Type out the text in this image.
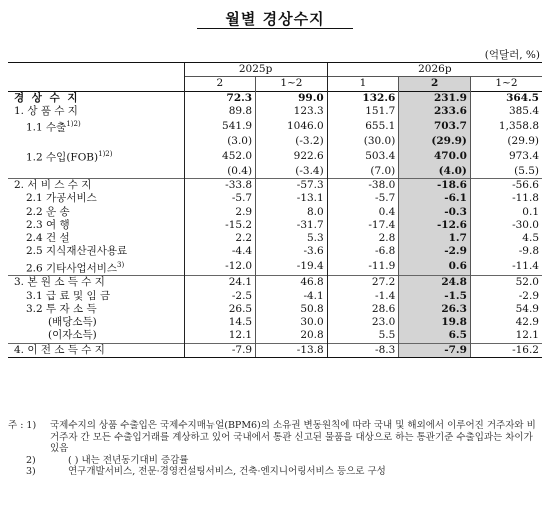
월별 경상수지
(억달러, %)
	2025p		2026p		
	2	1~2	1	2	1~2
경 상 수 지	72.3	99.0	132.6	231.9	364.5
1. 상 품 수 지	89.8	123.3	151.7	233.6	385.4
1.1 수출$^{1)2)}$	541.9	1046.0	655.1	703.7	1,358.8
	(3.0)	(-3.2)	(30.0)	(29.9)	(29.9)
1.2 수입(FOB)$^{1)2)}$	452.0	922.6	503.4	470.0	973.4
	(0.4)	(-3.4)	(7.0)	(4.0)	(5.5)
2. 서 비 스 수 지	-33.8	-57.3	-38.0	-18.6	-56.6
2.1 가공서비스	-5.7	-13.1	-5.7	-6.1	-11.8
2.2 운 송	2.9	8.0	0.4	-0.3	0.1
2.3 여 행	-15.2	-31.7	-17.4	-12.6	-30.0
2.4 건 설	2.2	5.3	2.8	1.7	4.5
2.5 지식재산권사용료	-4.4	-3.6	-6.8	-2.9	-9.8
2.6 기타사업서비스$^{3)}$	-12.0	-19.4	-11.9	0.6	-11.4
3. 본 원 소 득 수 지	24.1	46.8	27.2	24.8	52.0
3.1 급 료 및 임 금	-2.5	-4.1	-1.4	-1.5	-2.9
3.2 투 자 소 득	26.5	50.8	28.6	26.3	54.9
(배당소득)	14.5	30.0	23.0	19.8	42.9
(이자소득)	12.1	20.8	5.5	6.5	12.1
4. 이 전 소 득 수 지	-7.9	-13.8	-8.3	-7.9	-16.2
주 : 1)	국제수지의 상품 수출입은 국제수지매뉴얼(BPM6)의 소유권 변동원칙에 따라 국내 및 해외에서 이루어진 거주자와 비거주자 간 모든 수출입거래를 계상하고 있어 국내에서 통관 신고된 물품을 대상으로 하는 통관기준 수출입과는 차이가 있음
2)	( ) 내는 전년동기대비 증감률
3)	연구개발서비스, 전문·경영컨설팅서비스, 건축·엔지니어링서비스 등으로 구성
